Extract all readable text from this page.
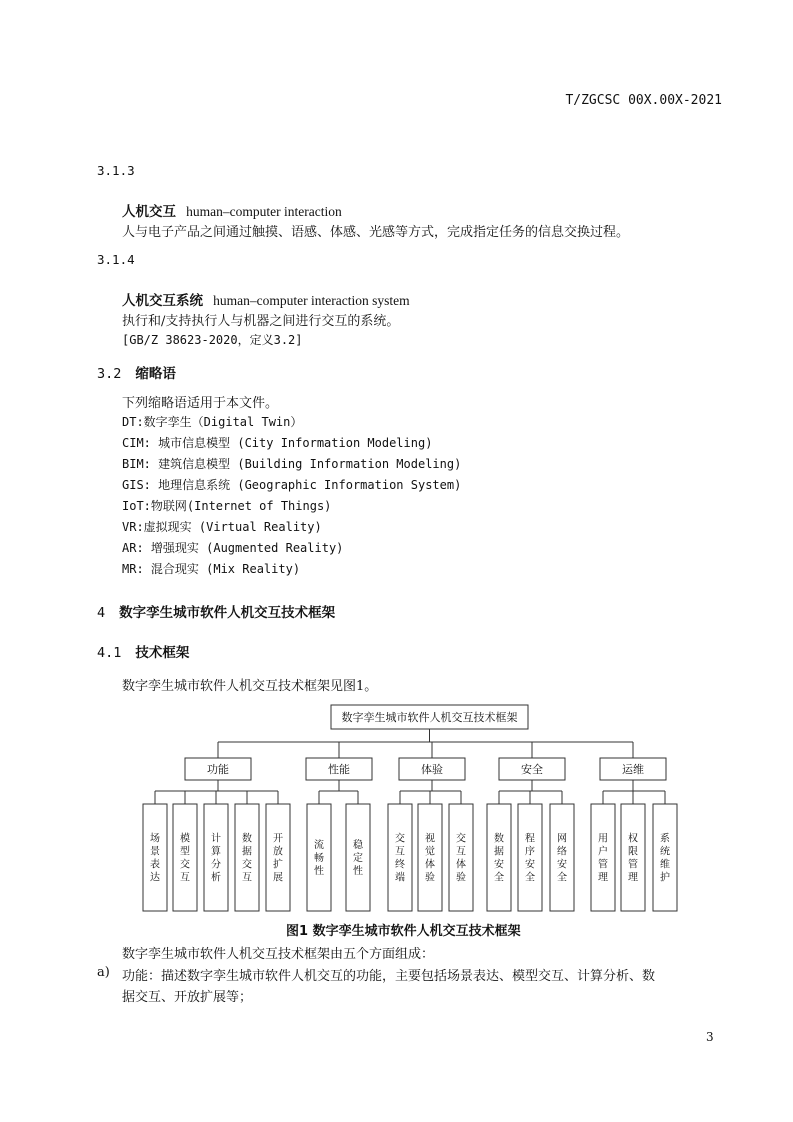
T/ZGCSC 00X.00X-2021
3.1.3
人机交互 human–computer interaction
人与电子产品之间通过触摸、语感、体感、光感等方式，完成指定任务的信息交换过程。
3.1.4
人机交互系统 human–computer interaction system
执行和/支持执行人与机器之间进行交互的系统。
[GB/Z 38623-2020，定义3.2]
3.2 缩略语
下列缩略语适用于本文件。
DT:数字孪生（Digital Twin）
CIM: 城市信息模型 (City Information Modeling)
BIM: 建筑信息模型 (Building Information Modeling)
GIS: 地理信息系统 (Geographic Information System)
IoT:物联网(Internet of Things)
VR:虚拟现实 (Virtual Reality)
AR: 增强现实 (Augmented Reality)
MR: 混合现实 (Mix Reality)
4 数字孪生城市软件人机交互技术框架
4.1 技术框架
数字孪生城市软件人机交互技术框架见图1。
数字孪生城市软件人机交互技术框架
功能
场景表达
模型交互
计算分析
数据交互
开放扩展
性能
流畅性
稳定性
体验
交互终端
视觉体验
交互体验
安全
数据安全
程序安全
网络安全
运维
用户管理
权限管理
系统维护
图1 数字孪生城市软件人机交互技术框架
数字孪生城市软件人机交互技术框架由五个方面组成：
a) 功能：描述数字孪生城市软件人机交互的功能，主要包括场景表达、模型交互、计算分析、数
据交互、开放扩展等；
3
